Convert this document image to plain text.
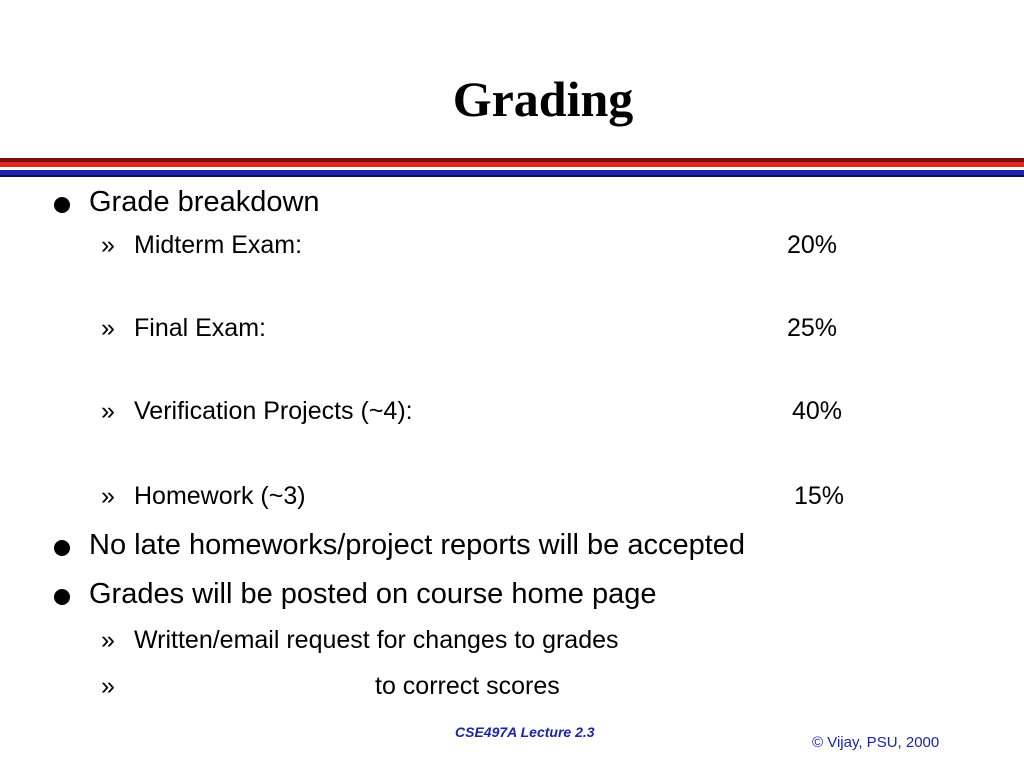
Grading
Grade breakdown
» Midterm Exam:	20%
» Final Exam:	25%
» Verification Projects (~4):	40%
» Homework (~3)	15%
No late homeworks/project reports will be accepted
Grades will be posted on course home page
» Written/email request for changes to grades
»	to correct scores
CSE497A Lecture 2.3
© Vijay, PSU, 2000
